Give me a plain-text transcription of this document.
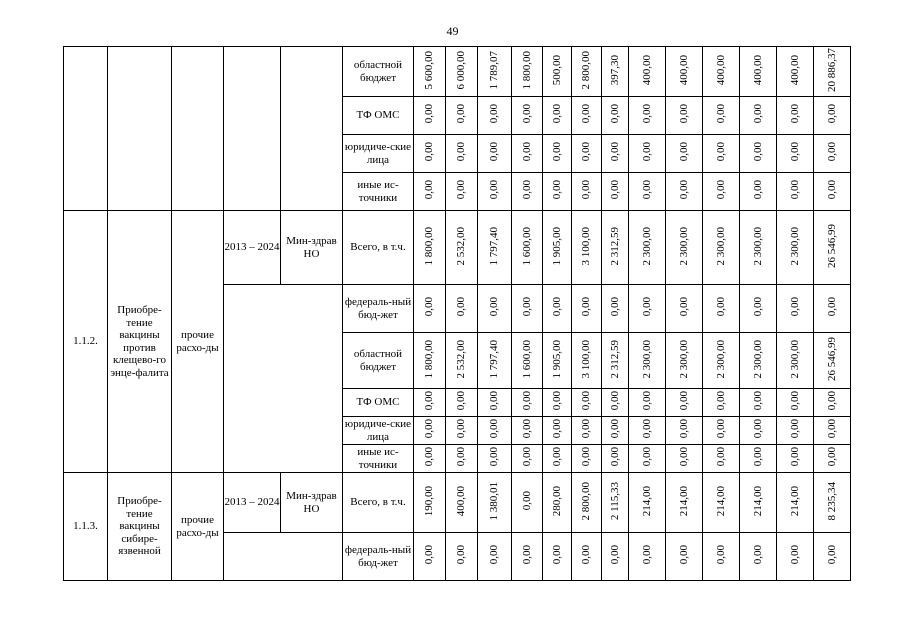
49
					областной бюджет	5 600,00	6 000,00	1 789,07	1 800,00	500,00	2 800,00	397,30	400,00	400,00	400,00	400,00	400,00	20 886,37
					ТФ ОМС	0,00	0,00	0,00	0,00	0,00	0,00	0,00	0,00	0,00	0,00	0,00	0,00	0,00
					юридиче-ские лица	0,00	0,00	0,00	0,00	0,00	0,00	0,00	0,00	0,00	0,00	0,00	0,00	0,00
					иные ис-точники	0,00	0,00	0,00	0,00	0,00	0,00	0,00	0,00	0,00	0,00	0,00	0,00	0,00
1.1.2.	Приобре-тение вакцины против клещево-го энце-фалита	прочие расхо-ды	2013 – 2024	Мин-здрав НО	Всего, в т.ч.	1 800,00	2 532,00	1 797,40	1 600,00	1 905,00	3 100,00	2 312,59	2 300,00	2 300,00	2 300,00	2 300,00	2 300,00	26 546,99
					федераль-ный бюд-жет	0,00	0,00	0,00	0,00	0,00	0,00	0,00	0,00	0,00	0,00	0,00	0,00	0,00
					областной бюджет	1 800,00	2 532,00	1 797,40	1 600,00	1 905,00	3 100,00	2 312,59	2 300,00	2 300,00	2 300,00	2 300,00	2 300,00	26 546,99
					ТФ ОМС	0,00	0,00	0,00	0,00	0,00	0,00	0,00	0,00	0,00	0,00	0,00	0,00	0,00
					юридиче-ские лица	0,00	0,00	0,00	0,00	0,00	0,00	0,00	0,00	0,00	0,00	0,00	0,00	0,00
					иные ис-точники	0,00	0,00	0,00	0,00	0,00	0,00	0,00	0,00	0,00	0,00	0,00	0,00	0,00
1.1.3.	Приобре-тение вакцины сибире-язвенной	прочие расхо-ды	2013 – 2024	Мин-здрав НО	Всего, в т.ч.	190,00	400,00	1 380,01	0,00	280,00	2 800,00	2 115,33	214,00	214,00	214,00	214,00	214,00	8 235,34
					федераль-ный бюд-жет	0,00	0,00	0,00	0,00	0,00	0,00	0,00	0,00	0,00	0,00	0,00	0,00	0,00
